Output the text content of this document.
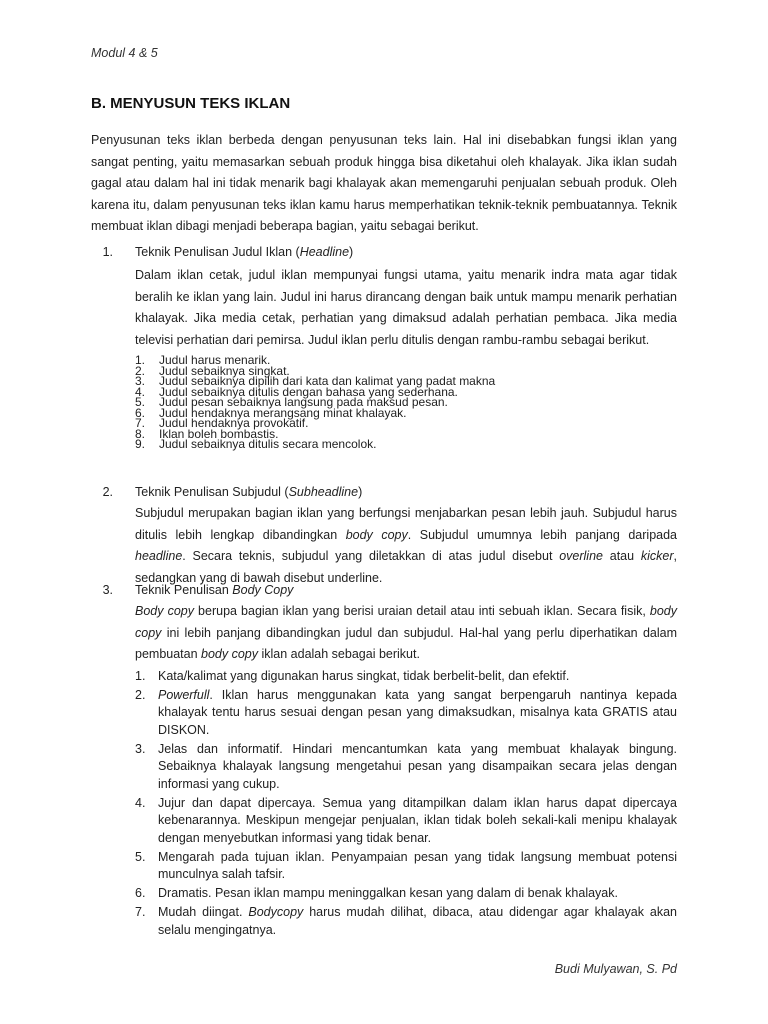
Modul 4 & 5
B. MENYUSUN TEKS IKLAN
Penyusunan teks iklan berbeda dengan penyusunan teks lain. Hal ini disebabkan fungsi iklan yang sangat penting, yaitu memasarkan sebuah produk hingga bisa diketahui oleh khalayak. Jika iklan sudah gagal atau dalam hal ini tidak menarik bagi khalayak akan memengaruhi penjualan sebuah produk. Oleh karena itu, dalam penyusunan teks iklan kamu harus memperhatikan teknik-teknik pembuatannya. Teknik membuat iklan dibagi menjadi beberapa bagian, yaitu sebagai berikut.
1. Teknik Penulisan Judul Iklan (Headline)
Dalam iklan cetak, judul iklan mempunyai fungsi utama, yaitu menarik indra mata agar tidak beralih ke iklan yang lain. Judul ini harus dirancang dengan baik untuk mampu menarik perhatian khalayak. Jika media cetak, perhatian yang dimaksud adalah perhatian pembaca. Jika media televisi perhatian dari pemirsa. Judul iklan perlu ditulis dengan rambu-rambu sebagai berikut.
1. Judul harus menarik.
2. Judul sebaiknya singkat.
3. Judul sebaiknya dipilih dari kata dan kalimat yang padat makna
4. Judul sebaiknya ditulis dengan bahasa yang sederhana.
5. Judul pesan sebaiknya langsung pada maksud pesan.
6. Judul hendaknya merangsang minat khalayak.
7. Judul hendaknya provokatif.
8. Iklan boleh bombastis.
9. Judul sebaiknya ditulis secara mencolok.
2. Teknik Penulisan Subjudul (Subheadline)
Subjudul merupakan bagian iklan yang berfungsi menjabarkan pesan lebih jauh. Subjudul harus ditulis lebih lengkap dibandingkan body copy. Subjudul umumnya lebih panjang daripada headline. Secara teknis, subjudul yang diletakkan di atas judul disebut overline atau kicker, sedangkan yang di bawah disebut underline.
3. Teknik Penulisan Body Copy
Body copy berupa bagian iklan yang berisi uraian detail atau inti sebuah iklan. Secara fisik, body copy ini lebih panjang dibandingkan judul dan subjudul. Hal-hal yang perlu diperhatikan dalam pembuatan body copy iklan adalah sebagai berikut.
1. Kata/kalimat yang digunakan harus singkat, tidak berbelit-belit, dan efektif.
2. Powerfull. Iklan harus menggunakan kata yang sangat berpengaruh nantinya kepada khalayak tentu harus sesuai dengan pesan yang dimaksudkan, misalnya kata GRATIS atau DISKON.
3. Jelas dan informatif. Hindari mencantumkan kata yang membuat khalayak bingung. Sebaiknya khalayak langsung mengetahui pesan yang disampaikan secara jelas dengan informasi yang cukup.
4. Jujur dan dapat dipercaya. Semua yang ditampilkan dalam iklan harus dapat dipercaya kebenarannya. Meskipun mengejar penjualan, iklan tidak boleh sekali-kali menipu khalayak dengan menyebutkan informasi yang tidak benar.
5. Mengarah pada tujuan iklan. Penyampaian pesan yang tidak langsung membuat potensi munculnya salah tafsir.
6. Dramatis. Pesan iklan mampu meninggalkan kesan yang dalam di benak khalayak.
7. Mudah diingat. Bodycopy harus mudah dilihat, dibaca, atau didengar agar khalayak akan selalu mengingatnya.
Budi Mulyawan, S. Pd
